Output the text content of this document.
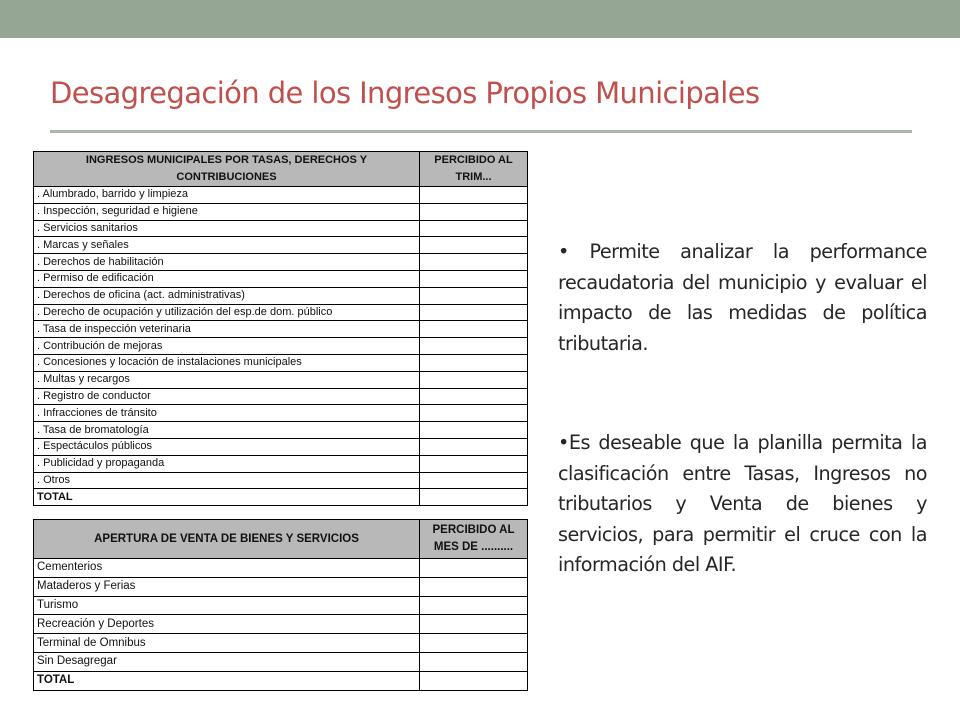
Desagregación de los Ingresos Propios Municipales
INGRESOS MUNICIPALES POR TASAS, DERECHOS Y CONTRIBUCIONES	PERCIBIDO AL TRIM...
. Alumbrado, barrido y limpieza	
. Inspección, seguridad e higiene	
. Servicios sanitarios	
. Marcas y señales	
. Derechos de habilitación	
. Permiso de edificación	
. Derechos de oficina (act. administrativas)	
. Derecho de ocupación y utilización del esp.de dom. público	
. Tasa de inspección veterinaria	
. Contribución de mejoras	
. Concesiones y locación de instalaciones municipales	
. Multas y recargos	
. Registro de conductor	
. Infracciones de tránsito	
. Tasa de bromatología	
. Espectáculos públicos	
. Publicidad y propaganda	
. Otros	
TOTAL	
APERTURA DE VENTA DE BIENES Y SERVICIOS	PERCIBIDO AL MES DE ..........
Cementerios	
Mataderos y Ferias	
Turismo	
Recreación y Deportes	
Terminal de Omnibus	
Sin Desagregar	
TOTAL	
• Permite analizar la performance recaudatoria del municipio y evaluar el impacto de las medidas de política tributaria.
•Es deseable que la planilla permita la clasificación entre Tasas, Ingresos no tributarios y Venta de bienes y servicios, para permitir el cruce con la información del AIF.
